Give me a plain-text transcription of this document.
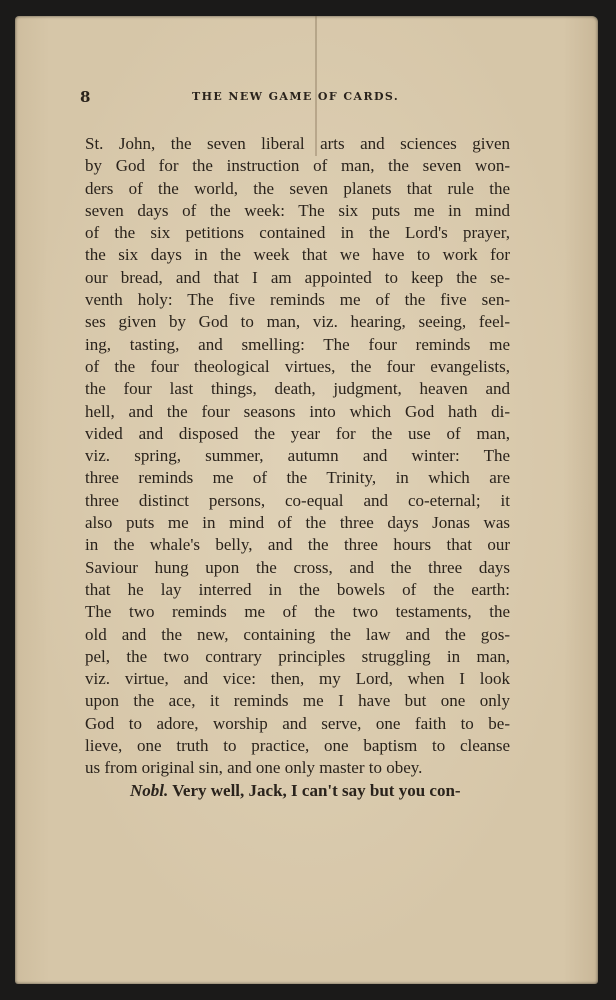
8	THE NEW GAME OF CARDS.
St. John, the seven liberal arts and sciences given
by God for the instruction of man, the seven won-
ders of the world, the seven planets that rule the
seven days of the week: The six puts me in mind
of the six petitions contained in the Lord's prayer,
the six days in the week that we have to work for
our bread, and that I am appointed to keep the se-
venth holy: The five reminds me of the five sen-
ses given by God to man, viz. hearing, seeing, feel-
ing, tasting, and smelling: The four reminds me
of the four theological virtues, the four evangelists,
the four last things, death, judgment, heaven and
hell, and the four seasons into which God hath di-
vided and disposed the year for the use of man,
viz. spring, summer, autumn and winter: The
three reminds me of the Trinity, in which are
three distinct persons, co-equal and co-eternal; it
also puts me in mind of the three days Jonas was
in the whale's belly, and the three hours that our
Saviour hung upon the cross, and the three days
that he lay interred in the bowels of the earth:
The two reminds me of the two testaments, the
old and the new, containing the law and the gos-
pel, the two contrary principles struggling in man,
viz. virtue, and vice: then, my Lord, when I look
upon the ace, it reminds me I have but one only
God to adore, worship and serve, one faith to be-
lieve, one truth to practice, one baptism to cleanse
us from original sin, and one only master to obey.
Nobl. Very well, Jack, I can't say but you con-
